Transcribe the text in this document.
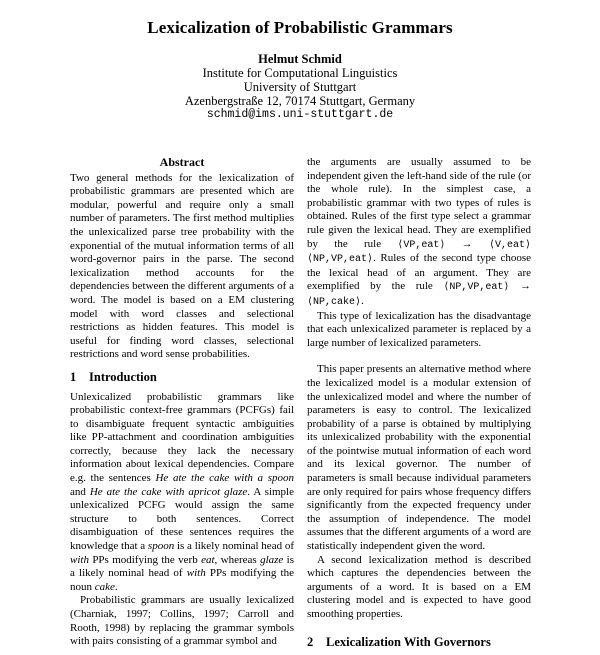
Lexicalization of Probabilistic Grammars
Helmut Schmid
Institute for Computational Linguistics
University of Stuttgart
Azenbergstraße 12, 70174 Stuttgart, Germany
schmid@ims.uni-stuttgart.de
Abstract

Two general methods for the lexicalization of probabilistic grammars are presented which are modular, powerful and require only a small number of parameters. The first method multiplies the unlexicalized parse tree probability with the exponential of the mutual information terms of all word-governor pairs in the parse. The second lexicalization method accounts for the dependencies between the different arguments of a word. The model is based on a EM clustering model with word classes and selectional restrictions as hidden features. This model is useful for finding word classes, selectional restrictions and word sense probabilities.

1 Introduction

Unlexicalized probabilistic grammars like probabilistic context-free grammars (PCFGs) fail to disambiguate frequent syntactic ambiguities like PP-attachment and coordination ambiguities correctly, because they lack the necessary information about lexical dependencies. Compare e.g. the sentences He ate the cake with a spoon and He ate the cake with apricot glaze. A simple unlexicalized PCFG would assign the same structure to both sentences. Correct disambiguation of these sentences requires the knowledge that a spoon is a likely nominal head of with PPs modifying the verb eat, whereas glaze is a likely nominal head of with PPs modifying the noun cake.

Probabilistic grammars are usually lexicalized (Charniak, 1997; Collins, 1997; Carroll and Rooth, 1998) by replacing the grammar symbols with pairs consisting of a grammar symbol and

the arguments are usually assumed to be independent given the left-hand side of the rule (or the whole rule). In the simplest case, a probabilistic grammar with two types of rules is obtained. Rules of the first type select a grammar rule given the lexical head. They are exemplified by the rule ⟨VP,eat⟩ → ⟨V,eat⟩ ⟨NP,VP,eat⟩. Rules of the second type choose the lexical head of an argument. They are exemplified by the rule ⟨NP,VP,eat⟩ → ⟨NP,cake⟩.

This type of lexicalization has the disadvantage that each unlexicalized parameter is replaced by a large number of lexicalized parameters.

This paper presents an alternative method where the lexicalized model is a modular extension of the unlexicalized model and where the number of parameters is easy to control. The lexicalized probability of a parse is obtained by multiplying its unlexicalized probability with the exponential of the pointwise mutual information of each word and its lexical governor. The number of parameters is small because individual parameters are only required for pairs whose frequency differs significantly from the expected frequency under the assumption of independence. The model assumes that the different arguments of a word are statistically independent given the word.

A second lexicalization method is described which captures the dependencies between the arguments of a word. It is based on a EM clustering model and is expected to have good smoothing properties.

2 Lexicalization With Governors
